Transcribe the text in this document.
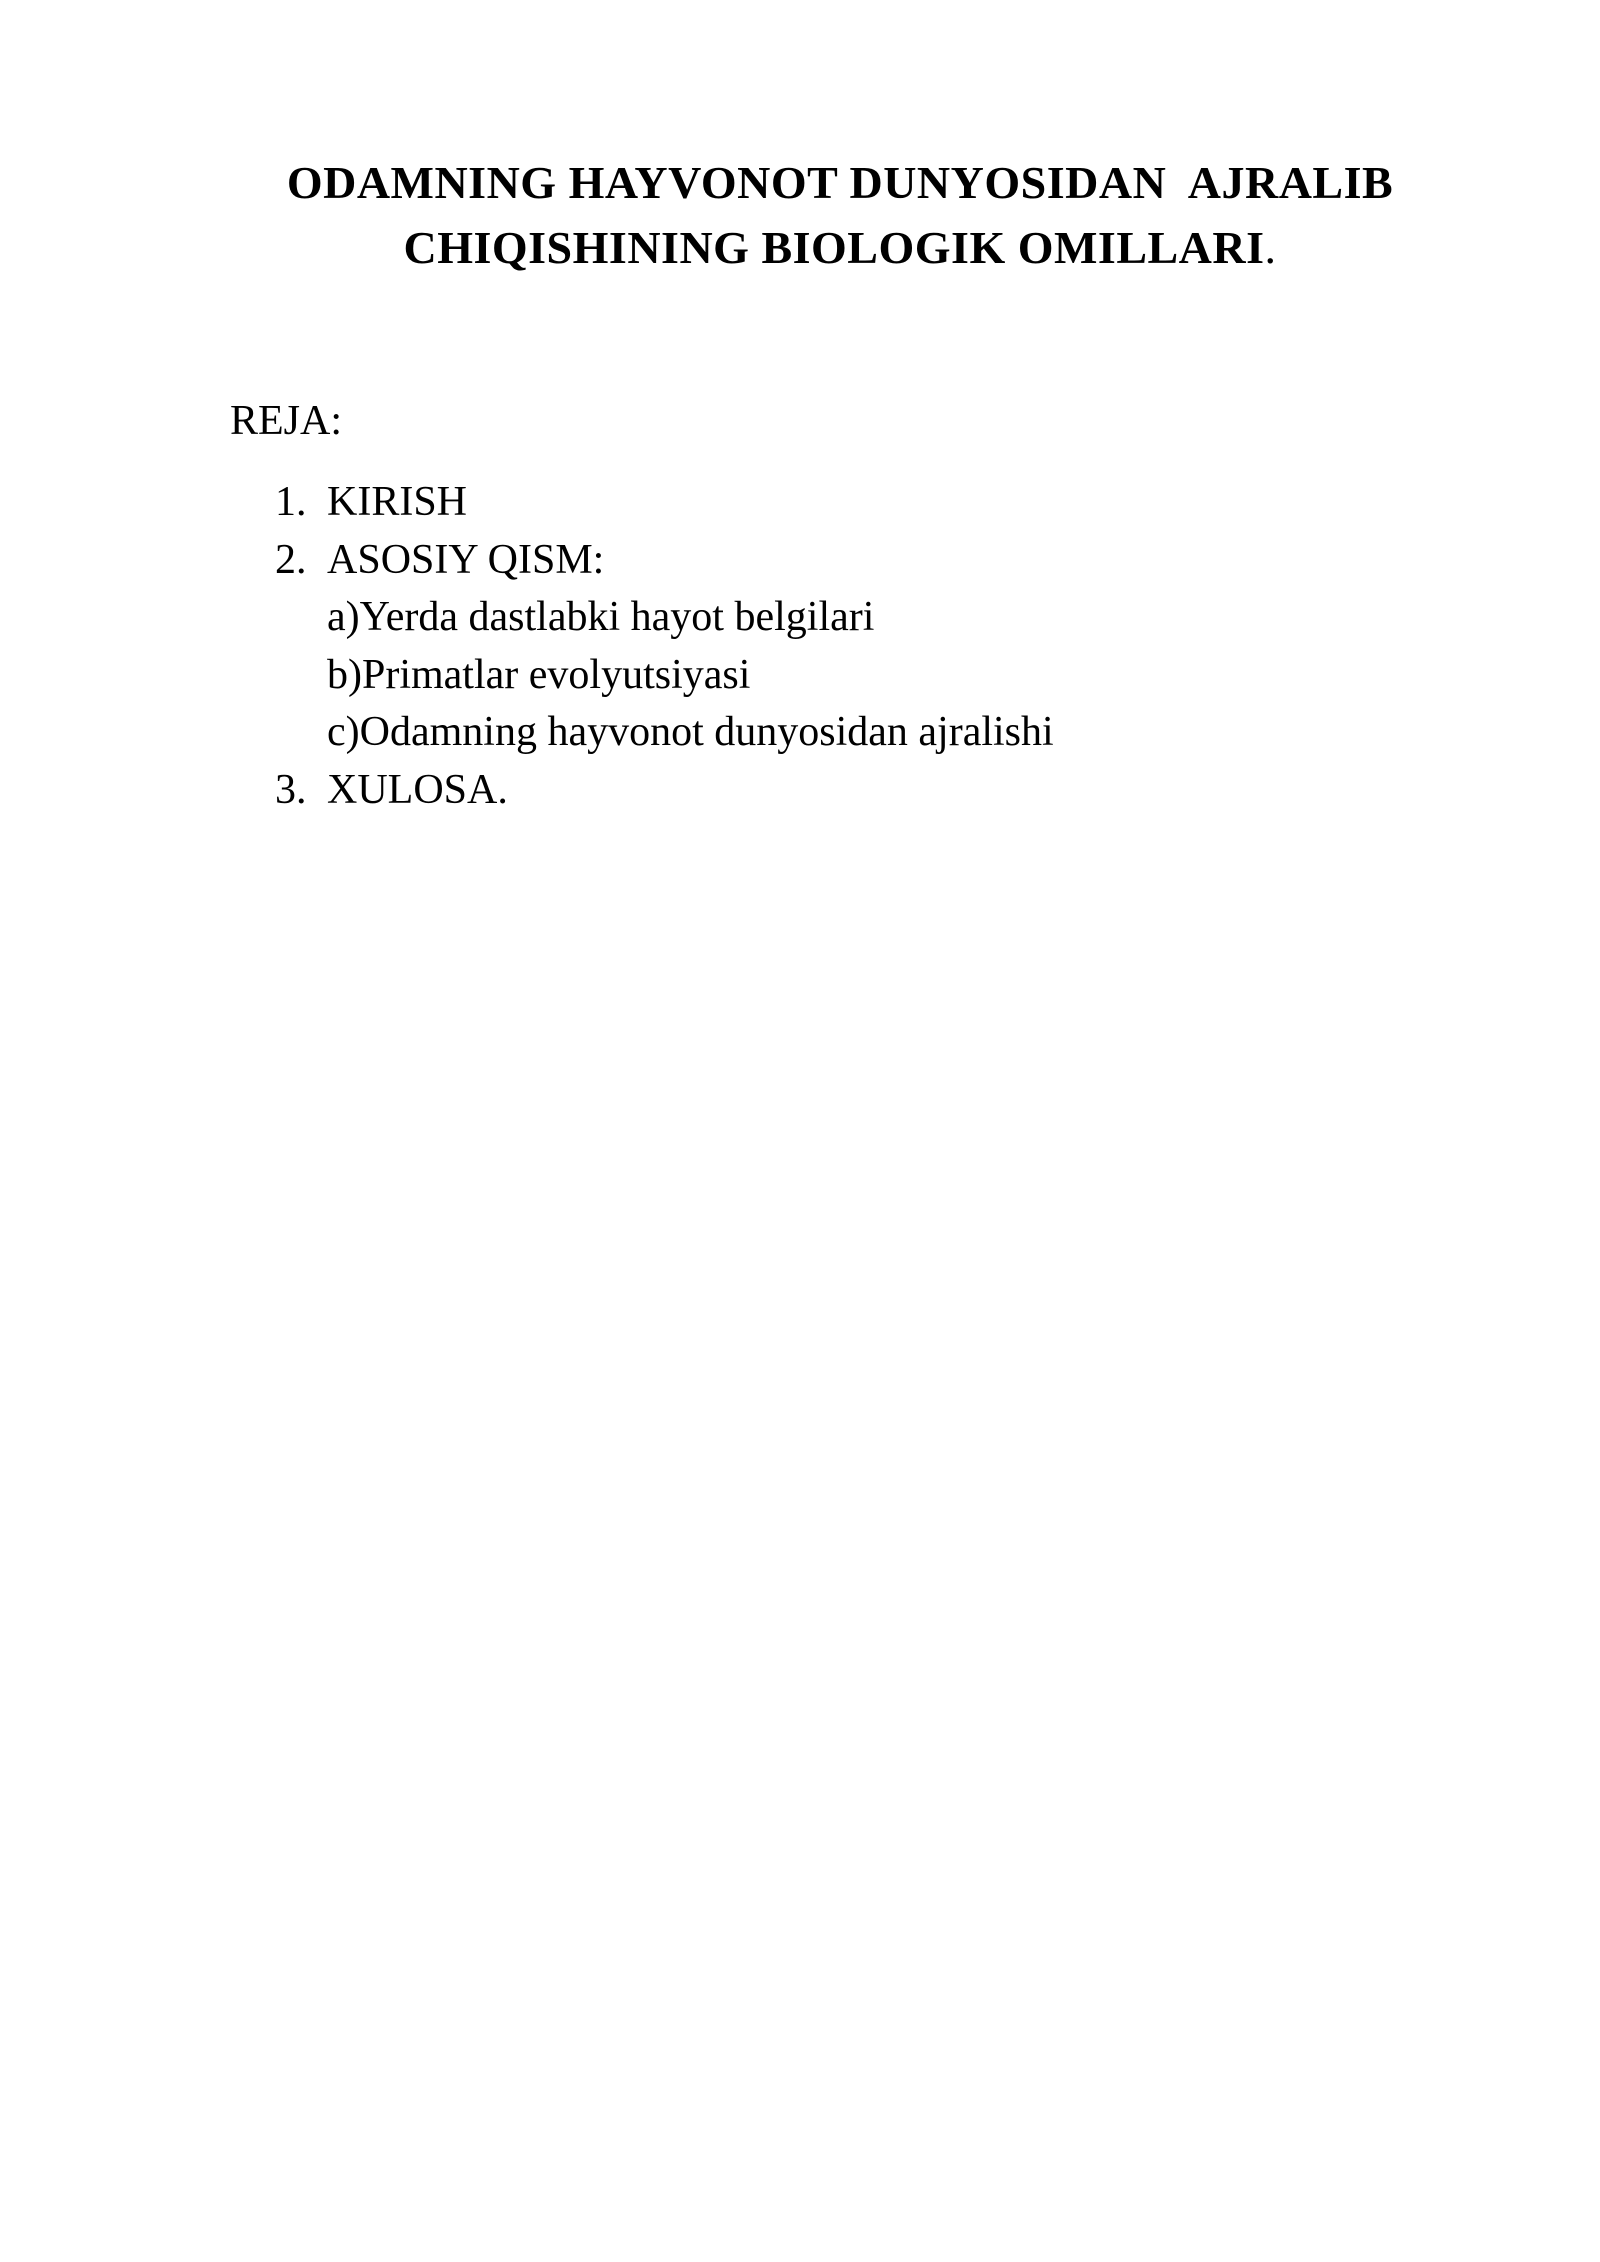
ODAMNING HAYVONOT DUNYOSIDAN  AJRALIB
CHIQISHINING BIOLOGIK OMILLARI.

REJA:

1. KIRISH
2. ASOSIY QISM:
a)Yerda dastlabki hayot belgilari
b)Primatlar evolyutsiyasi
c)Odamning hayvonot dunyosidan ajralishi
3. XULOSA.
